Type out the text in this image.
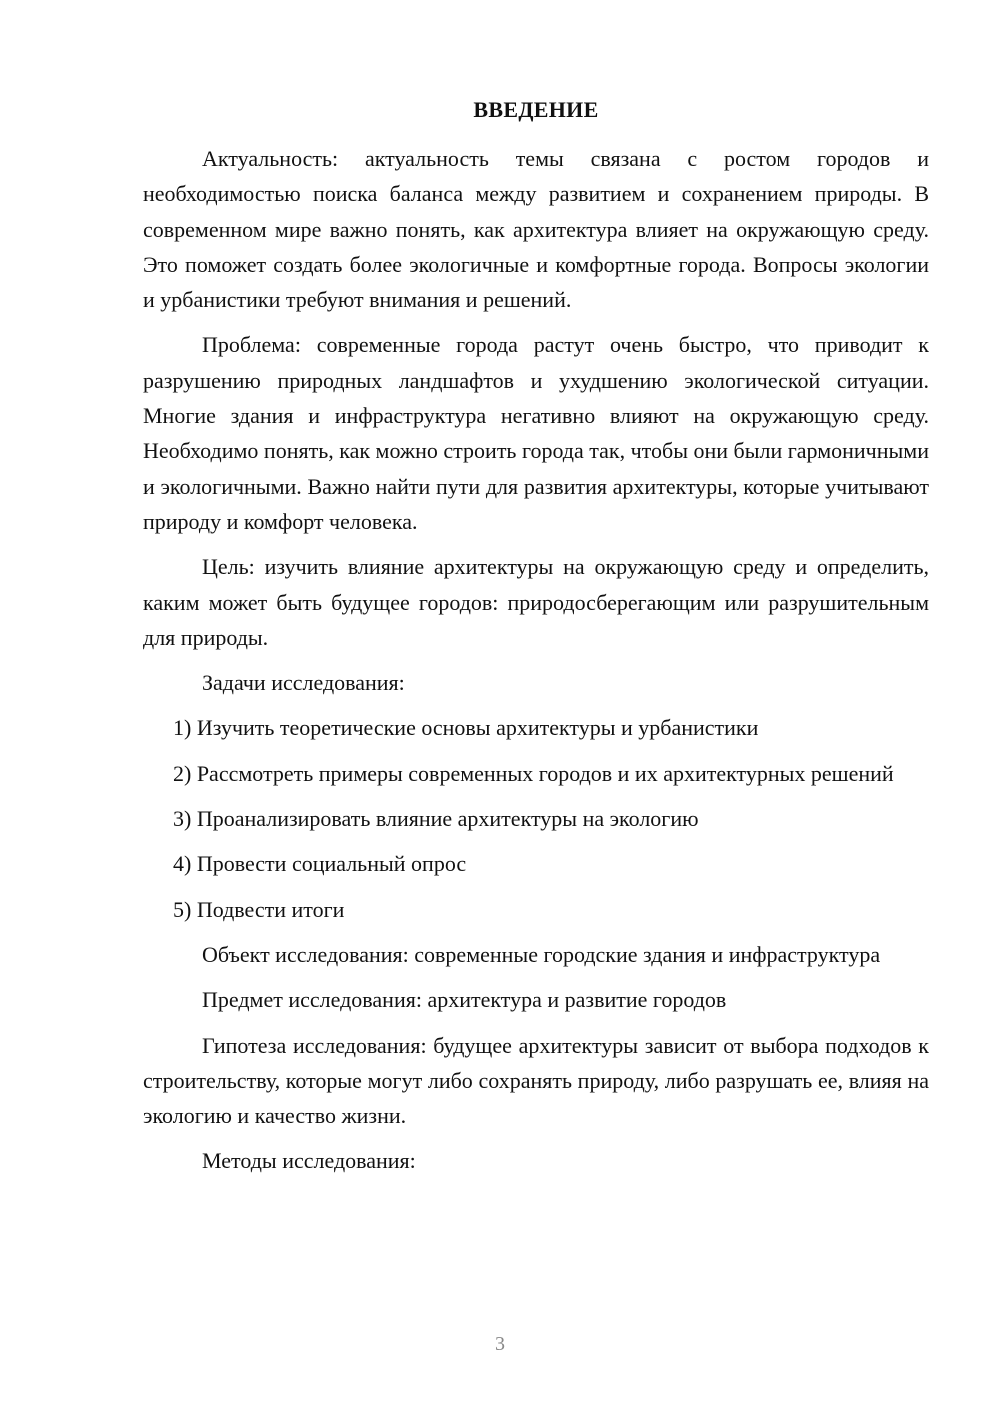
ВВЕДЕНИЕ

Актуальность: актуальность темы связана с ростом городов и необходимостью поиска баланса между развитием и сохранением природы. В современном мире важно понять, как архитектура влияет на окружающую среду. Это поможет создать более экологичные и комфортные города. Вопросы экологии и урбанистики требуют внимания и решений.

Проблема: современные города растут очень быстро, что приводит к разрушению природных ландшафтов и ухудшению экологической ситуации. Многие здания и инфраструктура негативно влияют на окружающую среду. Необходимо понять, как можно строить города так, чтобы они были гармоничными и экологичными. Важно найти пути для развития архитектуры, которые учитывают природу и комфорт человека.

Цель: изучить влияние архитектуры на окружающую среду и определить, каким может быть будущее городов: природосберегающим или разрушительным для природы.

Задачи исследования:

1) Изучить теоретические основы архитектуры и урбанистики

2) Рассмотреть примеры современных городов и их архитектурных решений

3) Проанализировать влияние архитектуры на экологию

4) Провести социальный опрос

5) Подвести итоги

Объект исследования: современные городские здания и инфраструктура

Предмет исследования: архитектура и развитие городов

Гипотеза исследования: будущее архитектуры зависит от выбора подходов к строительству, которые могут либо сохранять природу, либо разрушать ее, влияя на экологию и качество жизни.

Методы исследования:

3
